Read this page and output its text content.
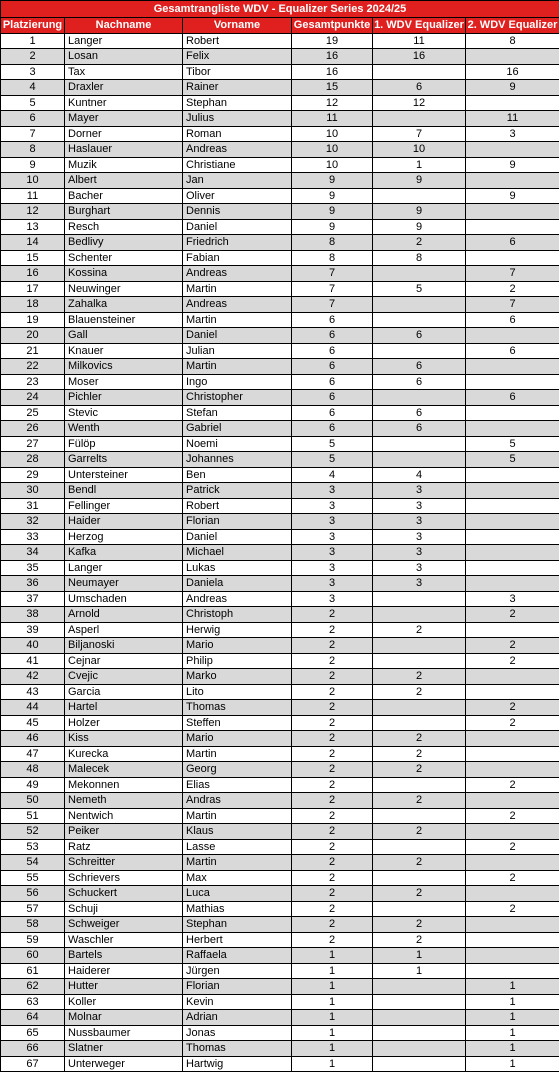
Gesamtrangliste WDV - Equalizer Series 2024/25					
Platzierung	Nachname	Vorname	Gesamtpunkte	1. WDV Equalizer	2. WDV Equalizer
1	Langer	Robert	19	11	8
2	Losan	Felix	16	16	
3	Tax	Tibor	16		16
4	Draxler	Rainer	15	6	9
5	Kuntner	Stephan	12	12	
6	Mayer	Julius	11		11
7	Dorner	Roman	10	7	3
8	Haslauer	Andreas	10	10	
9	Muzik	Christiane	10	1	9
10	Albert	Jan	9	9	
11	Bacher	Oliver	9		9
12	Burghart	Dennis	9	9	
13	Resch	Daniel	9	9	
14	Bedlivy	Friedrich	8	2	6
15	Schenter	Fabian	8	8	
16	Kossina	Andreas	7		7
17	Neuwinger	Martin	7	5	2
18	Zahalka	Andreas	7		7
19	Blauensteiner	Martin	6		6
20	Gall	Daniel	6	6	
21	Knauer	Julian	6		6
22	Milkovics	Martin	6	6	
23	Moser	Ingo	6	6	
24	Pichler	Christopher	6		6
25	Stevic	Stefan	6	6	
26	Wenth	Gabriel	6	6	
27	Fülöp	Noemi	5		5
28	Garrelts	Johannes	5		5
29	Untersteiner	Ben	4	4	
30	Bendl	Patrick	3	3	
31	Fellinger	Robert	3	3	
32	Haider	Florian	3	3	
33	Herzog	Daniel	3	3	
34	Kafka	Michael	3	3	
35	Langer	Lukas	3	3	
36	Neumayer	Daniela	3	3	
37	Umschaden	Andreas	3		3
38	Arnold	Christoph	2		2
39	Asperl	Herwig	2	2	
40	Biljanoski	Mario	2		2
41	Cejnar	Philip	2		2
42	Cvejic	Marko	2	2	
43	Garcia	Lito	2	2	
44	Hartel	Thomas	2		2
45	Holzer	Steffen	2		2
46	Kiss	Mario	2	2	
47	Kurecka	Martin	2	2	
48	Malecek	Georg	2	2	
49	Mekonnen	Elias	2		2
50	Nemeth	Andras	2	2	
51	Nentwich	Martin	2		2
52	Peiker	Klaus	2	2	
53	Ratz	Lasse	2		2
54	Schreitter	Martin	2	2	
55	Schrievers	Max	2		2
56	Schuckert	Luca	2	2	
57	Schuji	Mathias	2		2
58	Schweiger	Stephan	2	2	
59	Waschler	Herbert	2	2	
60	Bartels	Raffaela	1	1	
61	Haiderer	Jürgen	1	1	
62	Hutter	Florian	1		1
63	Koller	Kevin	1		1
64	Molnar	Adrian	1		1
65	Nussbaumer	Jonas	1		1
66	Slatner	Thomas	1		1
67	Unterweger	Hartwig	1		1
